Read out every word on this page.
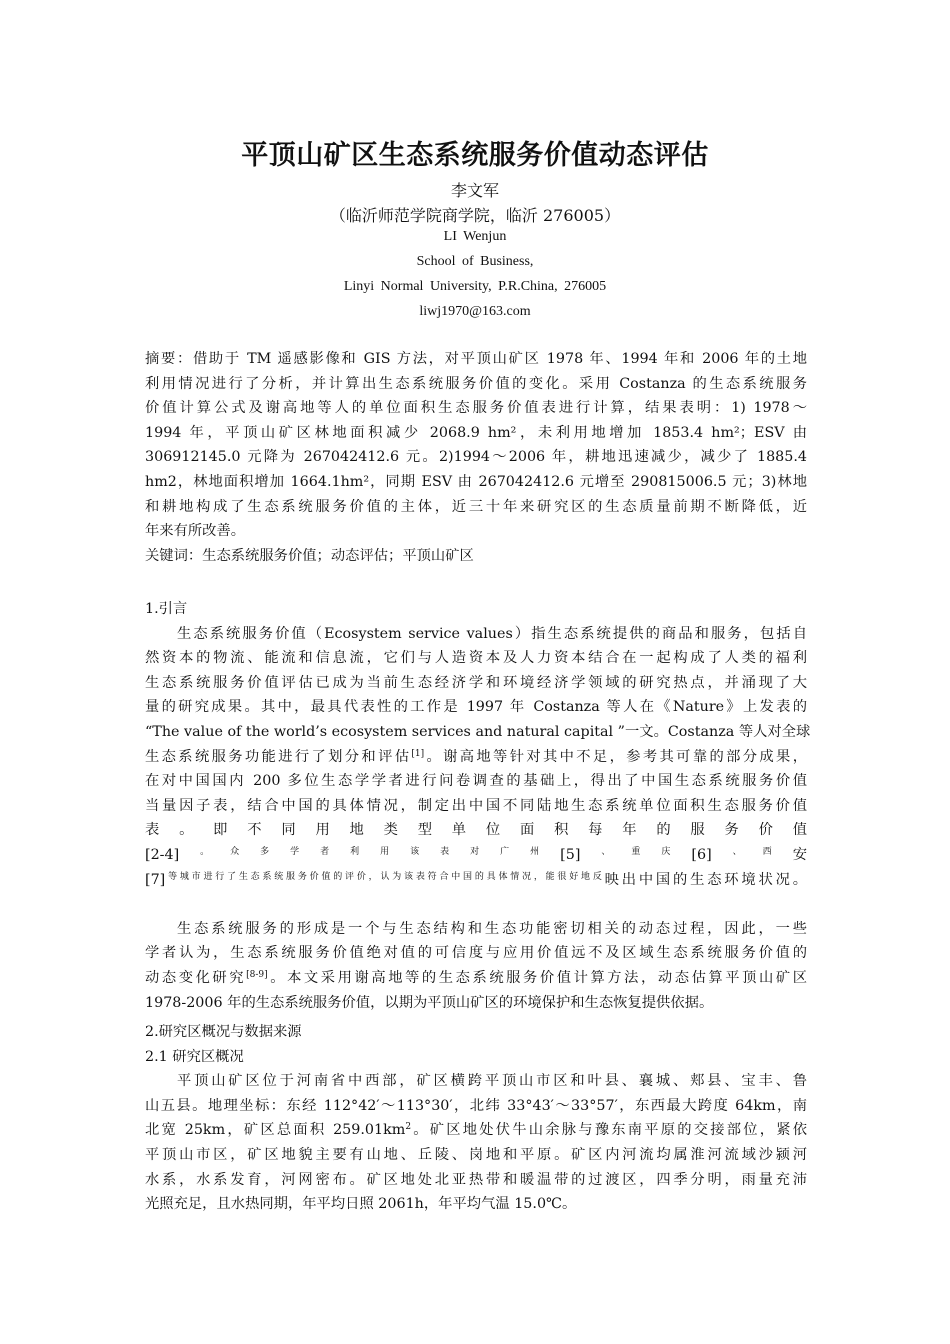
平顶山矿区生态系统服务价值动态评估
李文军
（临沂师范学院商学院，临沂 276005）
LI Wenjun
School of Business,
Linyi Normal University, P.R.China, 276005
liwj1970@163.com
摘要：借助于 TM 遥感影像和 GIS 方法，对平顶山矿区 1978 年、1994 年和 2006 年的土地
利用情况进行了分析，并计算出生态系统服务价值的变化。采用 Costanza 的生态系统服务
价值计算公式及谢高地等人的单位面积生态服务价值表进行计算，结果表明：1) 1978～
1994 年，平顶山矿区林地面积减少 2068.9 hm²，未利用地增加 1853.4 hm²；ESV 由
306912145.0 元降为 267042412.6 元。2)1994～2006 年，耕地迅速减少，减少了 1885.4
hm2，林地面积增加 1664.1hm²，同期 ESV 由 267042412.6 元增至 290815006.5 元；3)林地
和耕地构成了生态系统服务价值的主体，近三十年来研究区的生态质量前期不断降低，近
年来有所改善。
关键词：生态系统服务价值；动态评估；平顶山矿区
1.引言
生态系统服务价值（Ecosystem service values）指生态系统提供的商品和服务，包括自
然资本的物流、能流和信息流，它们与人造资本及人力资本结合在一起构成了人类的福利
生态系统服务价值评估已成为当前生态经济学和环境经济学领域的研究热点，并涌现了大
量的研究成果。其中，最具代表性的工作是 1997 年 Costanza 等人在《Nature》上发表的
“The value of the world’s ecosystem services and natural capital ”一文。Costanza 等人对全球
生态系统服务功能进行了划分和评估[1]。谢高地等针对其中不足，参考其可靠的部分成果，
在对中国国内 200 多位生态学学者进行问卷调查的基础上，得出了中国生态系统服务价值
当量因子表，结合中国的具体情况，制定出中国不同陆地生态系统单位面积生态服务价值
表。即不同用地类型单位面积每年的服务价值
$[2-4]^{。众多学者利用该表对广州}[5]^{、重庆}[6]^{、西}$安
$[7]^{等城市进行了生态系统服务价值的评价,认为该表符合中国的具体情况,能很好地反}$映出中国的生态环境状况。
生态系统服务的形成是一个与生态结构和生态功能密切相关的动态过程，因此，一些
学者认为，生态系统服务价值绝对值的可信度与应用价值远不及区域生态系统服务价值的
动态变化研究[8-9]。本文采用谢高地等的生态系统服务价值计算方法，动态估算平顶山矿区
1978-2006 年的生态系统服务价值，以期为平顶山矿区的环境保护和生态恢复提供依据。
2.研究区概况与数据来源
2.1 研究区概况
平顶山矿区位于河南省中西部，矿区横跨平顶山市区和叶县、襄城、郏县、宝丰、鲁
山五县。地理坐标：东经 112°42′～113°30′，北纬 33°43′～33°57′，东西最大跨度 64km，南
北宽 25km，矿区总面积 $259.01km^2$。矿区地处伏牛山余脉与豫东南平原的交接部位，紧依
平顶山市区，矿区地貌主要有山地、丘陵、岗地和平原。矿区内河流均属淮河流域沙颍河
水系，水系发育，河网密布。矿区地处北亚热带和暖温带的过渡区，四季分明，雨量充沛
光照充足，且水热同期，年平均日照 2061h，年平均气温 15.0℃。
